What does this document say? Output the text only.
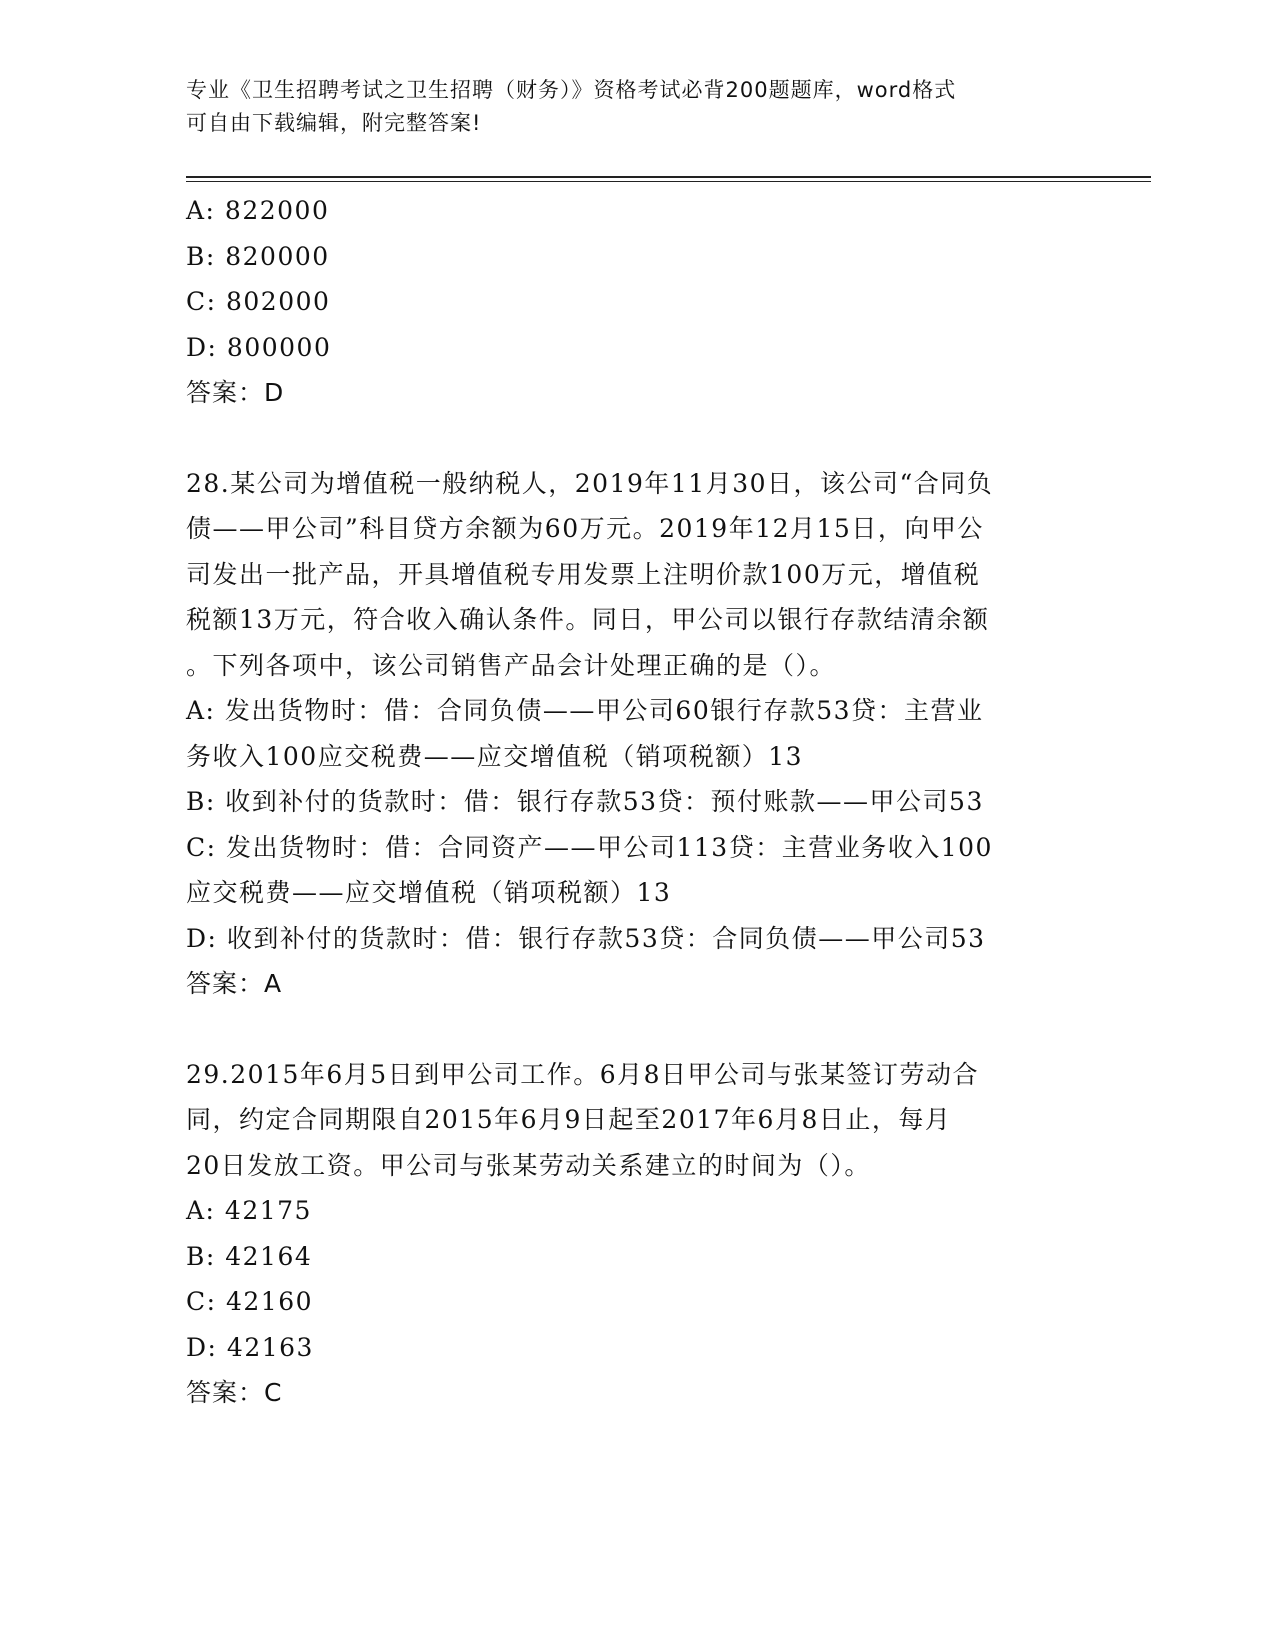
专业《卫生招聘考试之卫生招聘（财务）》资格考试必背200题题库，word格式
可自由下载编辑，附完整答案!

A: 822000

B: 820000

C: 802000

D: 800000

答案：D

28.某公司为增值税一般纳税人，2019年11月30日，该公司“合同负

债——甲公司”科目贷方余额为60万元。2019年12月15日，向甲公

司发出一批产品，开具增值税专用发票上注明价款100万元，增值税

税额13万元，符合收入确认条件。同日，甲公司以银行存款结清余额

。下列各项中，该公司销售产品会计处理正确的是（）。

A: 发出货物时：借：合同负债——甲公司60银行存款53贷：主营业

务收入100应交税费——应交增值税（销项税额）13

B: 收到补付的货款时：借：银行存款53贷：预付账款——甲公司53

C: 发出货物时：借：合同资产——甲公司113贷：主营业务收入100

应交税费——应交增值税（销项税额）13

D: 收到补付的货款时：借：银行存款53贷：合同负债——甲公司53

答案：A

29.2015年6月5日到甲公司工作。6月8日甲公司与张某签订劳动合

同，约定合同期限自2015年6月9日起至2017年6月8日止，每月

20日发放工资。甲公司与张某劳动关系建立的时间为（）。

A: 42175

B: 42164

C: 42160

D: 42163

答案：C
